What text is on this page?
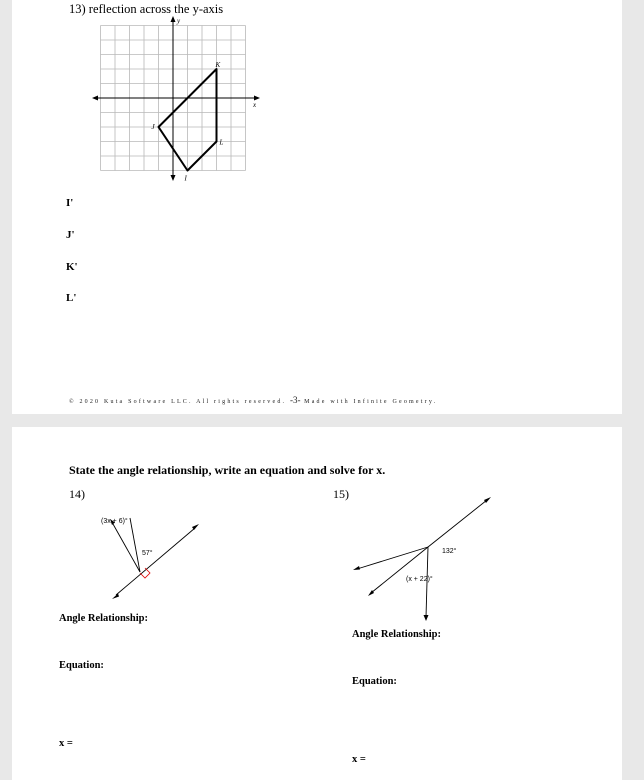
13) reflection across the y-axis
x
y
I
J
K
L
I'
J'
K'
L'
© 2020 Kuta Software LLC. All rights reserved. -3- Made with Infinite Geometry.
State the angle relationship, write an equation and solve for x.
14)	15)
(3x + 6)°
57°	132°
(x + 22)°
Angle Relationship:
Equation:
x =
Angle Relationship:
Equation:
x =
